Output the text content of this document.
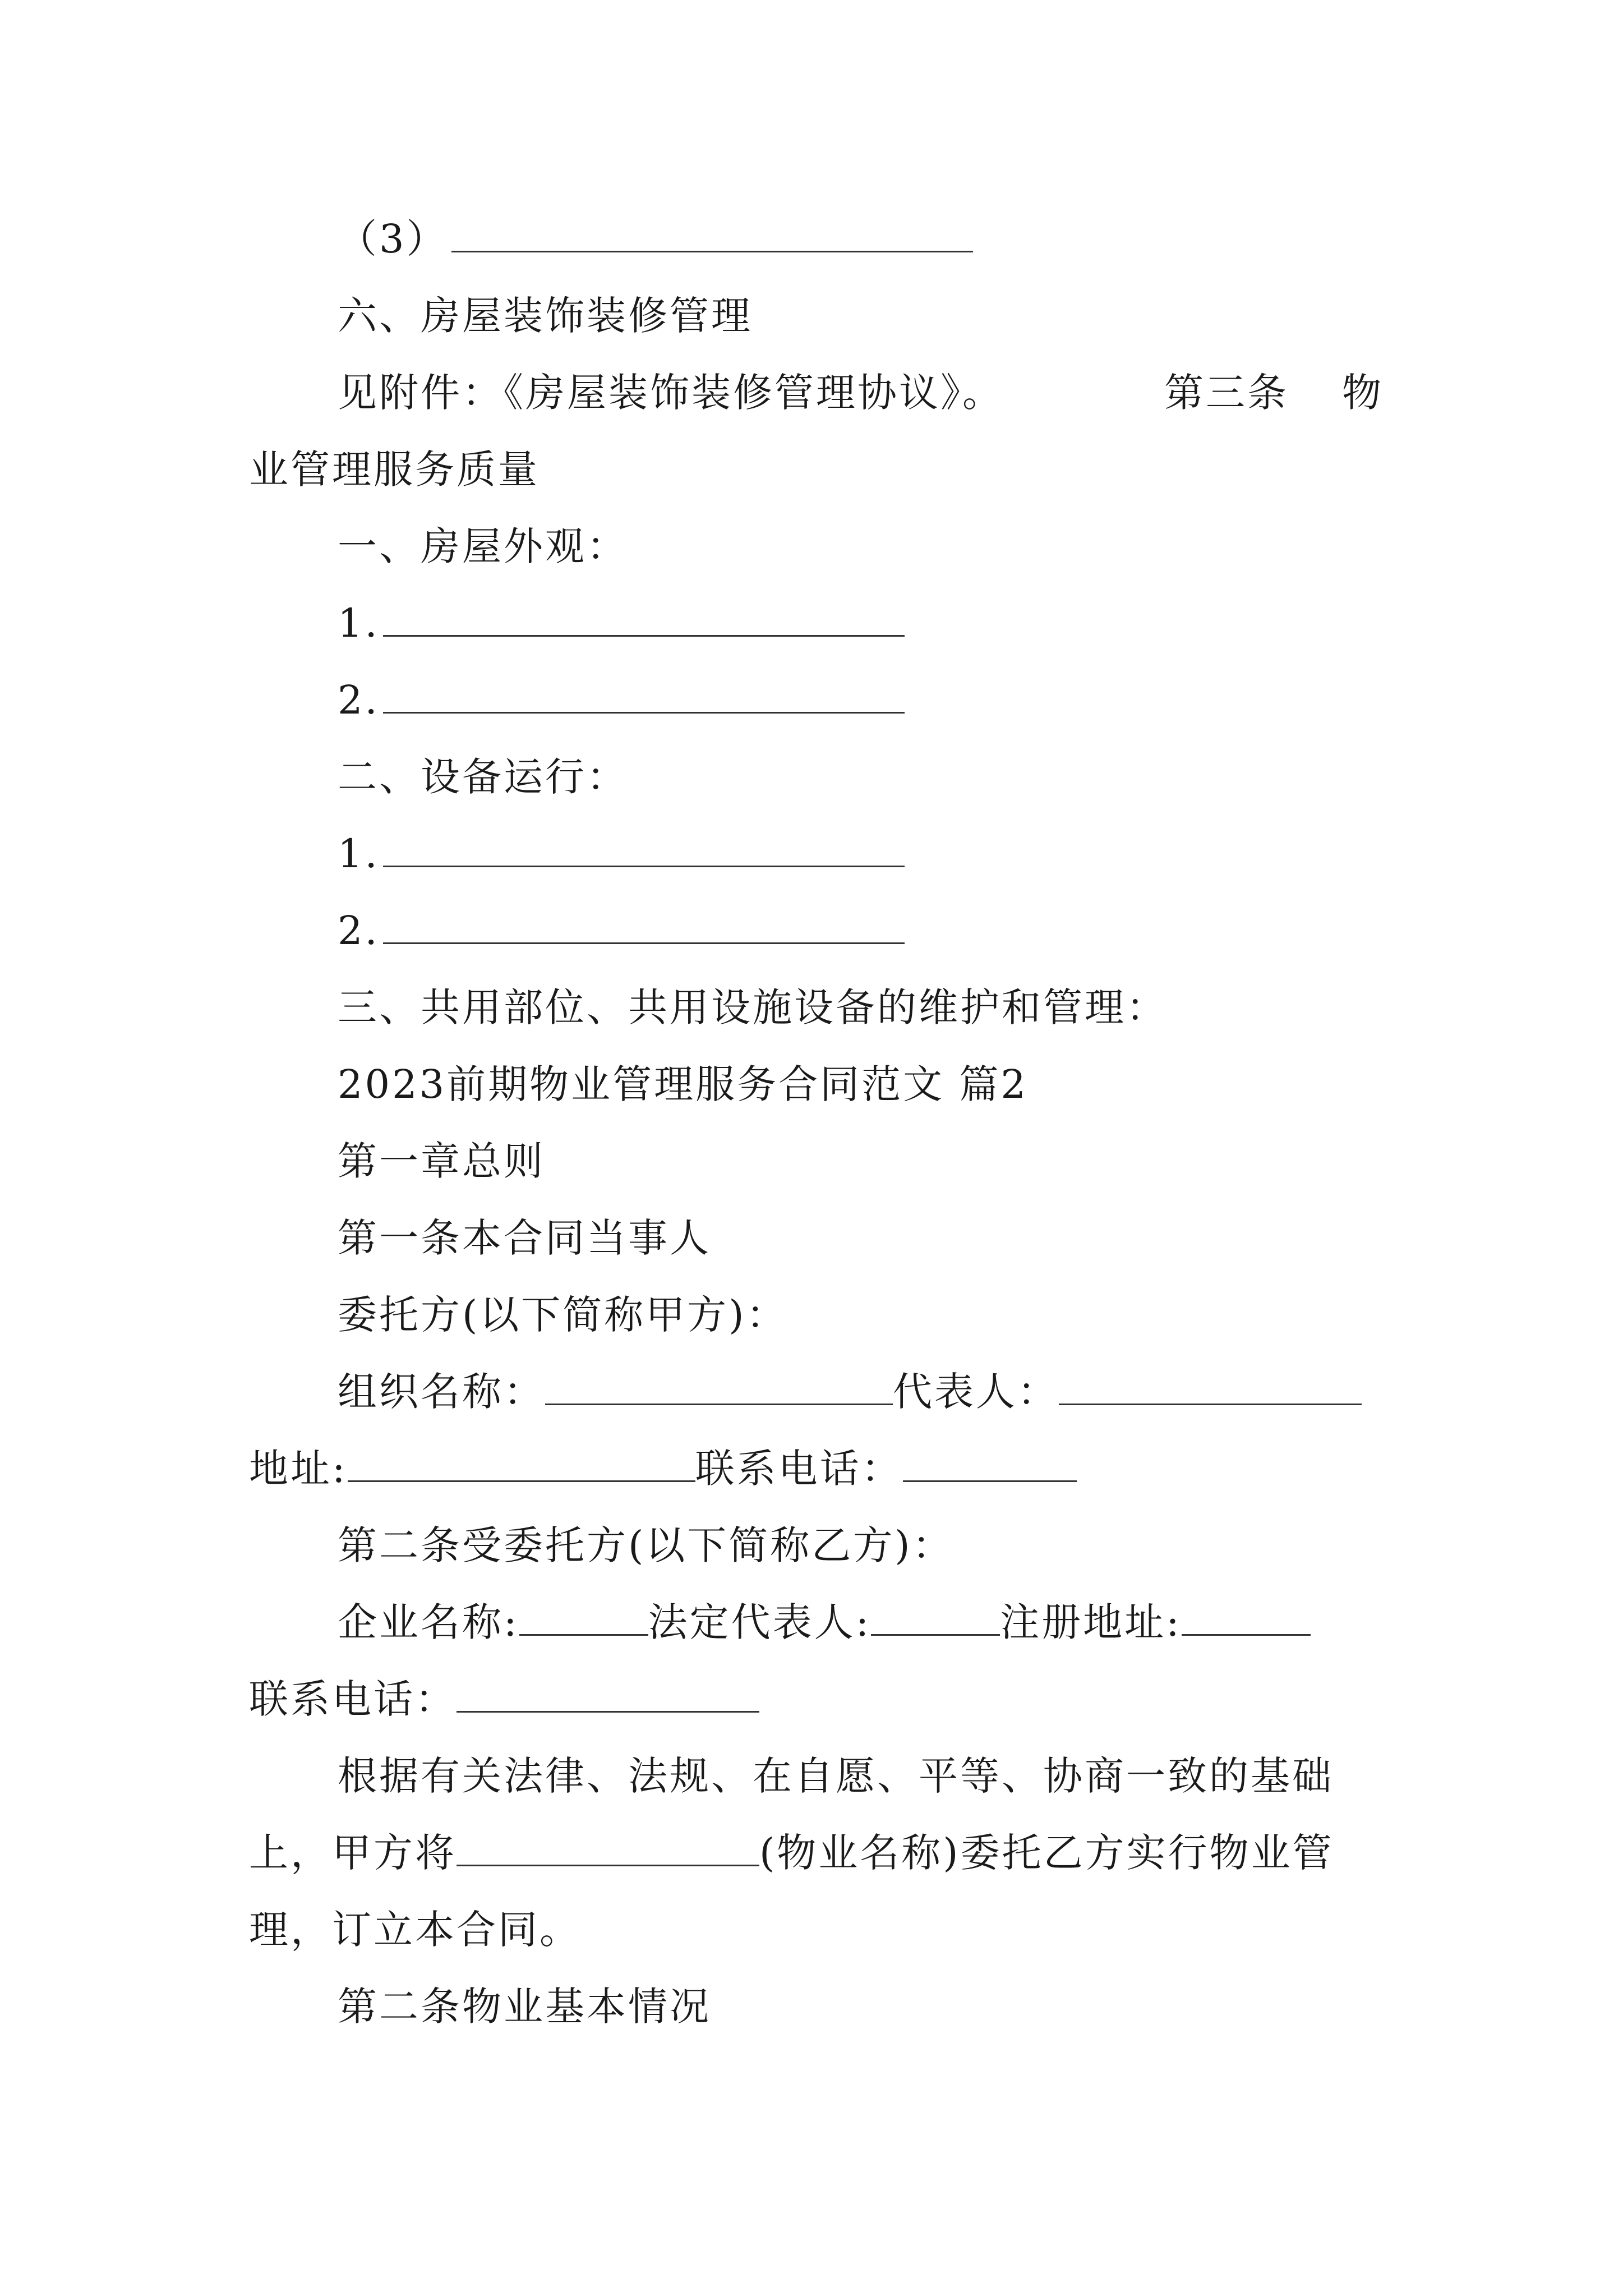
（3）
六、房屋装饰装修管理
见附件：《房屋装饰装修管理协议》。	第三条 物
业管理服务质量
一、房屋外观：
1.
2.
二、设备运行：
1.
2.
三、共用部位、共用设施设备的维护和管理：
2023前期物业管理服务合同范文 篇2
第一章总则
第一条本合同当事人
委托方(以下简称甲方)：
组织名称：	代表人：
地址:	联系电话：
第二条受委托方(以下简称乙方)：
企业名称:	法定代表人:	注册地址:
联系电话：
根据有关法律、法规、在自愿、平等、协商一致的基础
上，甲方将	(物业名称)委托乙方实行物业管
理，订立本合同。
第二条物业基本情况
